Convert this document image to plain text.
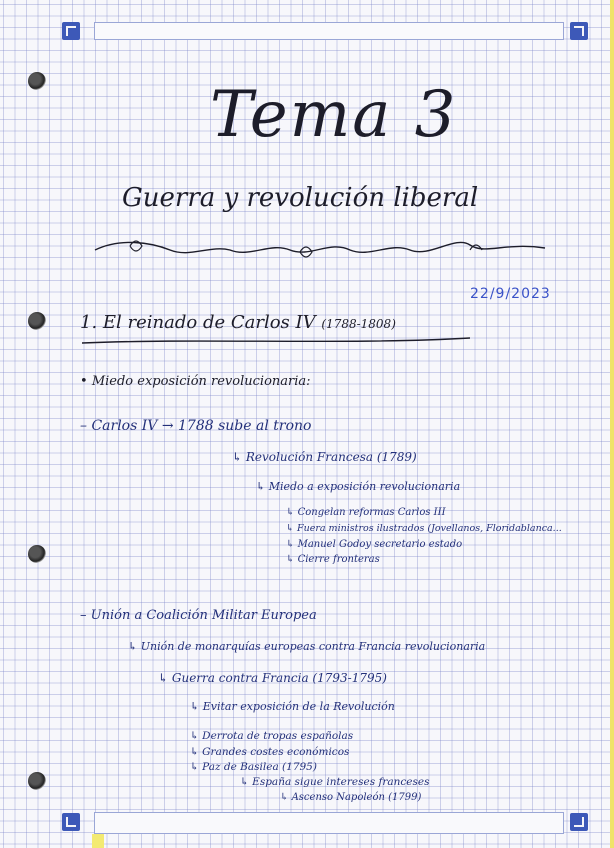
Tema 3
Guerra y revolución liberal
22/9/2023
1. El reinado de Carlos IV (1788-1808)
• Miedo exposición revolucionaria:
– Carlos IV → 1788 sube al trono
↳ Revolución Francesa (1789)
↳ Miedo a exposición revolucionaria
↳ Congelan reformas Carlos III
↳ Fuera ministros ilustrados (Jovellanos, Floridablanca...
↳ Manuel Godoy secretario estado
↳ Cierre fronteras
– Unión a Coalición Militar Europea
↳ Unión de monarquías europeas contra Francia revolucionaria
↳ Guerra contra Francia (1793-1795)
↳ Evitar exposición de la Revolución
↳ Derrota de tropas españolas
↳ Grandes costes económicos
↳ Paz de Basilea (1795)
↳ España sigue intereses franceses
↳ Ascenso Napoleón (1799)
